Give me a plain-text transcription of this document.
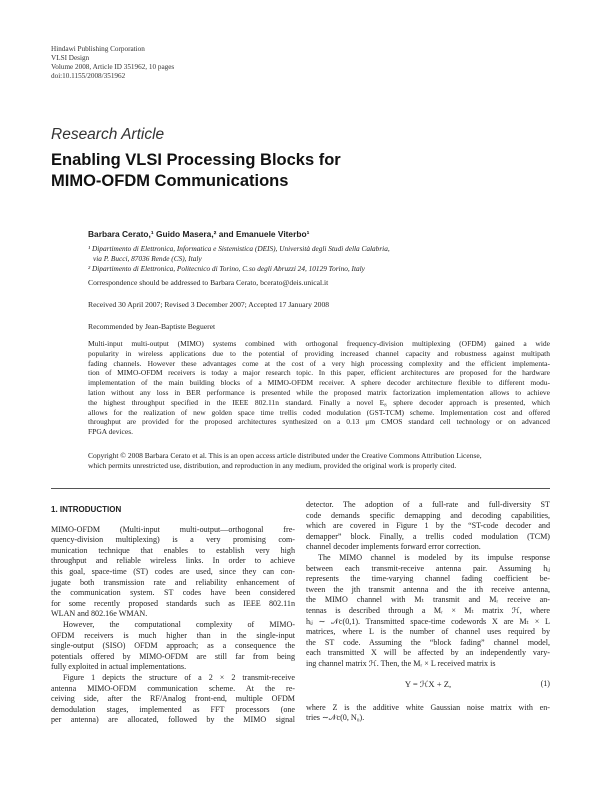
Hindawi Publishing Corporation
VLSI Design
Volume 2008, Article ID 351962, 10 pages
doi:10.1155/2008/351962
Research Article
Enabling VLSI Processing Blocks for
MIMO-OFDM Communications
Barbara Cerato,¹ Guido Masera,² and Emanuele Viterbo¹
¹ Dipartimento di Elettronica, Informatica e Sistemistica (DEIS), Università degli Studi della Calabria,
via P. Bucci, 87036 Rende (CS), Italy
² Dipartimento di Elettronica, Politecnico di Torino, C.so degli Abruzzi 24, 10129 Torino, Italy
Correspondence should be addressed to Barbara Cerato, bcerato@deis.unical.it
Received 30 April 2007; Revised 3 December 2007; Accepted 17 January 2008
Recommended by Jean-Baptiste Begueret
Multi-input multi-output (MIMO) systems combined with orthogonal frequency-division multiplexing (OFDM) gained a wide
popularity in wireless applications due to the potential of providing increased channel capacity and robustness against multipath
fading channels. However these advantages come at the cost of a very high processing complexity and the efficient implementa-
tion of MIMO-OFDM receivers is today a major research topic. In this paper, efficient architectures are proposed for the hardware
implementation of the main building blocks of a MIMO-OFDM receiver. A sphere decoder architecture flexible to different modu-
lation without any loss in BER performance is presented while the proposed matrix factorization implementation allows to achieve
the highest throughput specified in the IEEE 802.11n standard. Finally a novel E₈ sphere decoder approach is presented, which
allows for the realization of new golden space time trellis coded modulation (GST-TCM) scheme. Implementation cost and offered
throughput are provided for the proposed architectures synthesized on a 0.13 μm CMOS standard cell technology or on advanced
FPGA devices.
Copyright © 2008 Barbara Cerato et al. This is an open access article distributed under the Creative Commons Attribution License,
which permits unrestricted use, distribution, and reproduction in any medium, provided the original work is properly cited.
1. INTRODUCTION
MIMO-OFDM (Multi-input multi-output—orthogonal fre-
quency-division multiplexing) is a very promising com-
munication technique that enables to establish very high
throughput and reliable wireless links. In order to achieve
this goal, space-time (ST) codes are used, since they can con-
jugate both transmission rate and reliability enhancement of
the communication system. ST codes have been considered
for some recently proposed standards such as IEEE 802.11n
WLAN and 802.16e WMAN.
However, the computational complexity of MIMO-
OFDM receivers is much higher than in the single-input
single-output (SISO) OFDM approach; as a consequence the
potentials offered by MIMO-OFDM are still far from being
fully exploited in actual implementations.
Figure 1 depicts the structure of a 2 × 2 transmit-receive
antenna MIMO-OFDM communication scheme. At the re-
ceiving side, after the RF/Analog front-end, multiple OFDM
demodulation stages, implemented as FFT processors (one
per antenna) are allocated, followed by the MIMO signal
detector. The adoption of a full-rate and full-diversity ST
code demands specific demapping and decoding capabilities,
which are covered in Figure 1 by the “ST-code decoder and
demapper” block. Finally, a trellis coded modulation (TCM)
channel decoder implements forward error correction.
The MIMO channel is modeled by its impulse response
between each transmit-receive antenna pair. Assuming hᵢⱼ
represents the time-varying channel fading coefficient be-
tween the jth transmit antenna and the ith receive antenna,
the MIMO channel with Mₜ transmit and Mᵣ receive an-
tennas is described through a Mᵣ × Mₜ matrix ℋ, where
hᵢⱼ ∼ 𝒩c(0,1). Transmitted space-time codewords X are Mₜ × L
matrices, where L is the number of channel uses required by
the ST code. Assuming the “block fading” channel model,
each transmitted X will be affected by an independently vary-
ing channel matrix ℋ. Then, the Mᵣ × L received matrix is
Y = ℋX + Z,	(1)
where Z is the additive white Gaussian noise matrix with en-
tries ∼𝒩c(0, N₀).
